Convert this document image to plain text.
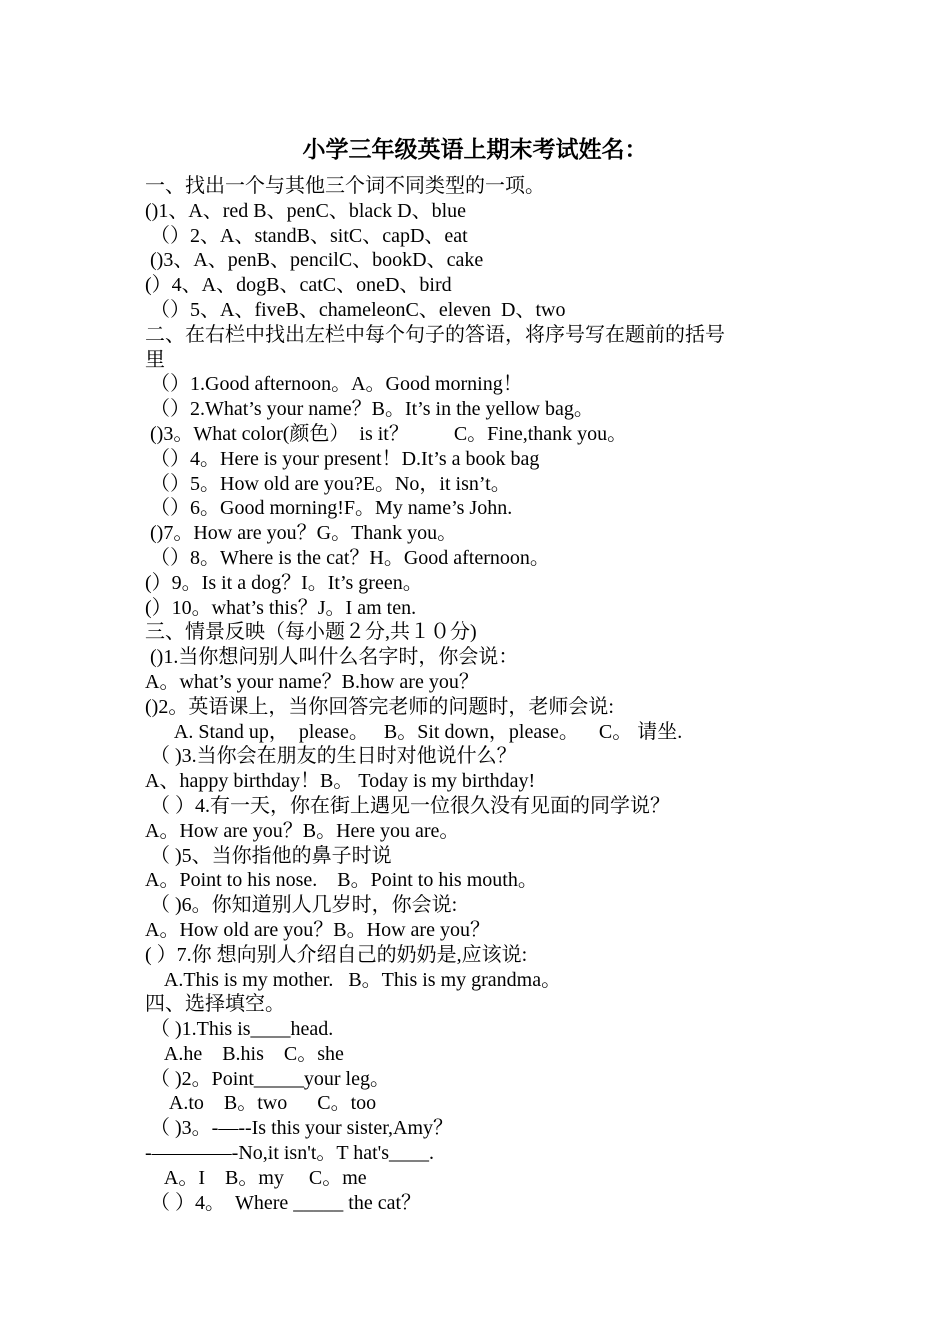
小学三年级英语上期末考试姓名：
一、找出一个与其他三个词不同类型的一项。
()1、A、red B、penC、black D、blue
（）2、A、standB、sitC、capD、eat
()3、A、penB、pencilC、bookD、cake
(）4、A、dogB、catC、oneD、bird
（）5、A、fiveB、chameleonC、eleven  D、two
二、在右栏中找出左栏中每个句子的答语，将序号写在题前的括号
里
（）1.Good afternoon。A。Good morning！
（）2.What’s your name？B。It’s in the yellow bag。
()3。What color(颜色）  is it？         C。Fine,thank you。
（）4。Here is your present！D.It’s a book bag
（）5。How old are you?E。No，it isn’t。
（）6。Good morning!F。My name’s John.
()7。How are you？G。Thank you。
（）8。Where is the cat？H。Good afternoon。
(）9。Is it a dog？I。It’s green。
(）10。what’s this？J。I am ten.
三、情景反映（每小题２分,共１０分)
()1.当你想问别人叫什么名字时，你会说：
A。what’s your name？B.how are you？
()2。英语课上，当你回答完老师的问题时，老师会说:
A. Stand up，  please。   B。Sit down，please。    C。 请坐.
（ )3.当你会在朋友的生日时对他说什么？
A、happy birthday！B。 Today is my birthday!
（ ）4.有一天，你在街上遇见一位很久没有见面的同学说？
A。How are you？B。Here you are。
（ )5、当你指他的鼻子时说
A。Point to his nose.    B。Point to his mouth。
（ )6。你知道别人几岁时，你会说:
A。How old are you？B。How are you？
( ）7.你 想向别人介绍自己的奶奶是,应该说:
A.This is my mother.   B。This is my grandma。
四、选择填空。
（ )1.This is____head.
A.he    B.his    C。she
（ )2。Point_____your leg。
A.to    B。two      C。too
（ )3。-—--Is this your sister,Amy？
-————-No,it isn't。T hat's____.
A。I    B。my     C。me
（ ）4。  Where _____ the cat？
